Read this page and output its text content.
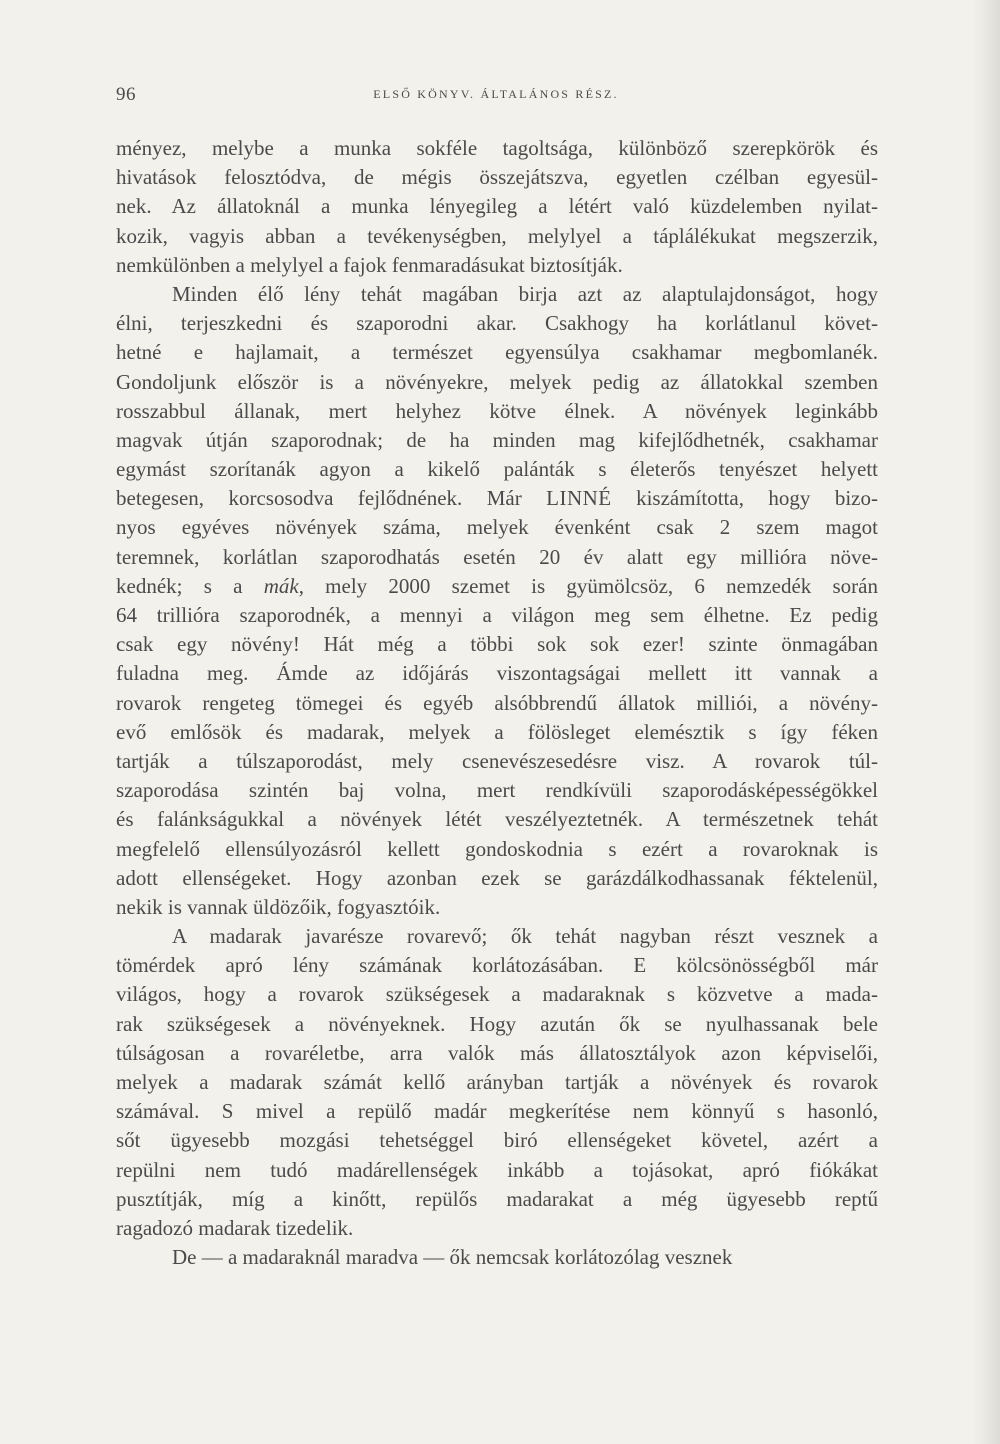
96	ELSŐ KÖNYV. ÁLTALÁNOS RÉSZ.
ményez, melybe a munka sokféle tagoltsága, különböző szerepkörök és
hivatások felosztódva, de mégis összejátszva, egyetlen czélban egyesül-
nek. Az állatoknál a munka lényegileg a létért való küzdelemben nyilat-
kozik, vagyis abban a tevékenységben, melylyel a táplálékukat megszerzik,
nemkülönben a melylyel a fajok fenmaradásukat biztosítják.
Minden élő lény tehát magában birja azt az alaptulajdonságot, hogy
élni, terjeszkedni és szaporodni akar. Csakhogy ha korlátlanul követ-
hetné e hajlamait, a természet egyensúlya csakhamar megbomlanék.
Gondoljunk először is a növényekre, melyek pedig az állatokkal szemben
rosszabbul állanak, mert helyhez kötve élnek. A növények leginkább
magvak útján szaporodnak; de ha minden mag kifejlődhetnék, csakhamar
egymást szorítanák agyon a kikelő palánták s életerős tenyészet helyett
betegesen, korcsosodva fejlődnének. Már LINNÉ kiszámította, hogy bizo-
nyos egyéves növények száma, melyek évenként csak 2 szem magot
teremnek, korlátlan szaporodhatás esetén 20 év alatt egy millióra növe-
kednék; s a mák, mely 2000 szemet is gyümölcsöz, 6 nemzedék során
64 trillióra szaporodnék, a mennyi a világon meg sem élhetne. Ez pedig
csak egy növény! Hát még a többi sok sok ezer! szinte önmagában
fuladna meg. Ámde az időjárás viszontagságai mellett itt vannak a
rovarok rengeteg tömegei és egyéb alsóbbrendű állatok milliói, a növény-
evő emlősök és madarak, melyek a fölösleget elemésztik s így féken
tartják a túlszaporodást, mely csenevészesedésre visz. A rovarok túl-
szaporodása szintén baj volna, mert rendkívüli szaporodásképességökkel
és falánkságukkal a növények létét veszélyeztetnék. A természetnek tehát
megfelelő ellensúlyozásról kellett gondoskodnia s ezért a rovaroknak is
adott ellenségeket. Hogy azonban ezek se garázdálkodhassanak féktelenül,
nekik is vannak üldözőik, fogyasztóik.
A madarak javarésze rovarevő; ők tehát nagyban részt vesznek a
tömérdek apró lény számának korlátozásában. E kölcsönösségből már
világos, hogy a rovarok szükségesek a madaraknak s közvetve a mada-
rak szükségesek a növényeknek. Hogy azután ők se nyulhassanak bele
túlságosan a rovaréletbe, arra valók más állatosztályok azon képviselői,
melyek a madarak számát kellő arányban tartják a növények és rovarok
számával. S mivel a repülő madár megkerítése nem könnyű s hasonló,
sőt ügyesebb mozgási tehetséggel biró ellenségeket követel, azért a
repülni nem tudó madárellenségek inkább a tojásokat, apró fiókákat
pusztítják, míg a kinőtt, repülős madarakat a még ügyesebb reptű
ragadozó madarak tizedelik.
De — a madaraknál maradva — ők nemcsak korlátozólag vesznek
